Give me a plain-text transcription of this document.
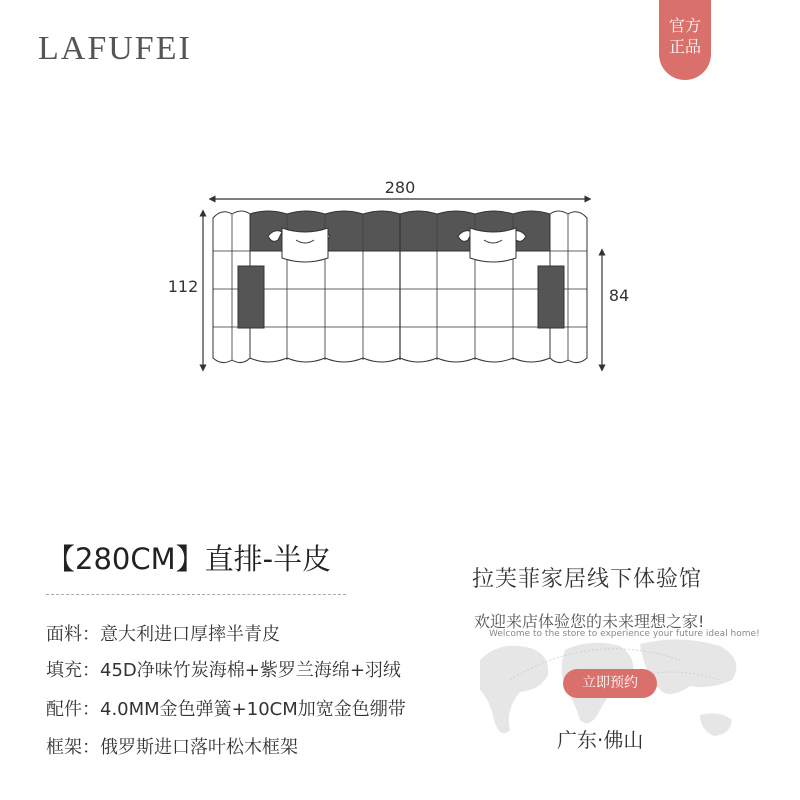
LAFUFEI
官方
正品
280
112	84
【280CM】直排-半皮
面料：意大利进口厚摔半青皮
填充：45D净味竹炭海棉+紫罗兰海绵+羽绒
配件：4.0MM金色弹簧+10CM加宽金色绷带
框架：俄罗斯进口落叶松木框架
拉芙菲家居线下体验馆
欢迎来店体验您的未来理想之家!
Welcome to the store to experience your future ideal home!
立即预约
广东·佛山
